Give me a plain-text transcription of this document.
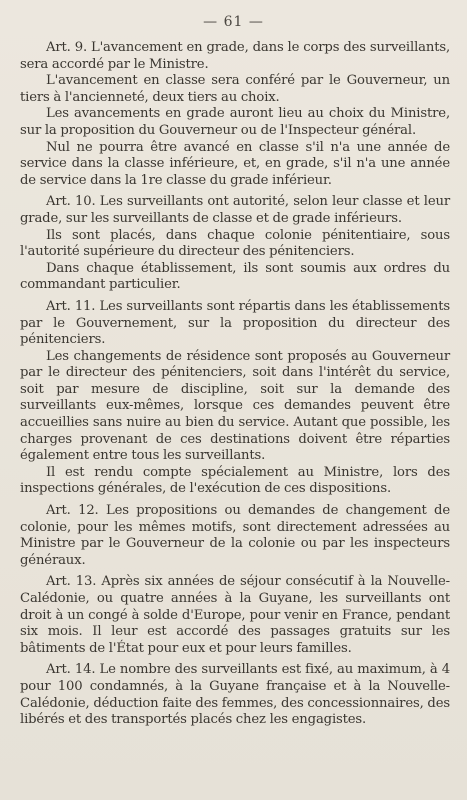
— 61 —

Art. 9. L'avancement en grade, dans le corps des surveillants, sera accordé par le Ministre.

L'avancement en classe sera conféré par le Gouverneur, un tiers à l'ancienneté, deux tiers au choix.

Les avancements en grade auront lieu au choix du Ministre, sur la proposition du Gouverneur ou de l'Inspecteur général.

Nul ne pourra être avancé en classe s'il n'a une année de service dans la classe inférieure, et, en grade, s'il n'a une année de service dans la 1re classe du grade inférieur.

Art. 10. Les surveillants ont autorité, selon leur classe et leur grade, sur les surveillants de classe et de grade inférieurs.

Ils sont placés, dans chaque colonie pénitentiaire, sous l'autorité supérieure du directeur des pénitenciers.

Dans chaque établissement, ils sont soumis aux ordres du commandant particulier.

Art. 11. Les surveillants sont répartis dans les établissements par le Gouvernement, sur la proposition du directeur des pénitenciers.

Les changements de résidence sont proposés au Gouverneur par le directeur des pénitenciers, soit dans l'intérêt du service, soit par mesure de discipline, soit sur la demande des surveillants eux-mêmes, lorsque ces demandes peuvent être accueillies sans nuire au bien du service. Autant que possible, les charges provenant de ces destinations doivent être réparties également entre tous les surveillants.

Il est rendu compte spécialement au Ministre, lors des inspections générales, de l'exécution de ces dispositions.

Art. 12. Les propositions ou demandes de changement de colonie, pour les mêmes motifs, sont directement adressées au Ministre par le Gouverneur de la colonie ou par les inspecteurs généraux.

Art. 13. Après six années de séjour consécutif à la Nouvelle-Calédonie, ou quatre années à la Guyane, les surveillants ont droit à un congé à solde d'Europe, pour venir en France, pendant six mois. Il leur est accordé des passages gratuits sur les bâtiments de l'État pour eux et pour leurs familles.

Art. 14. Le nombre des surveillants est fixé, au maximum, à 4 pour 100 condamnés, à la Guyane française et à la Nouvelle-Calédonie, déduction faite des femmes, des concessionnaires, des libérés et des transportés placés chez les engagistes.
